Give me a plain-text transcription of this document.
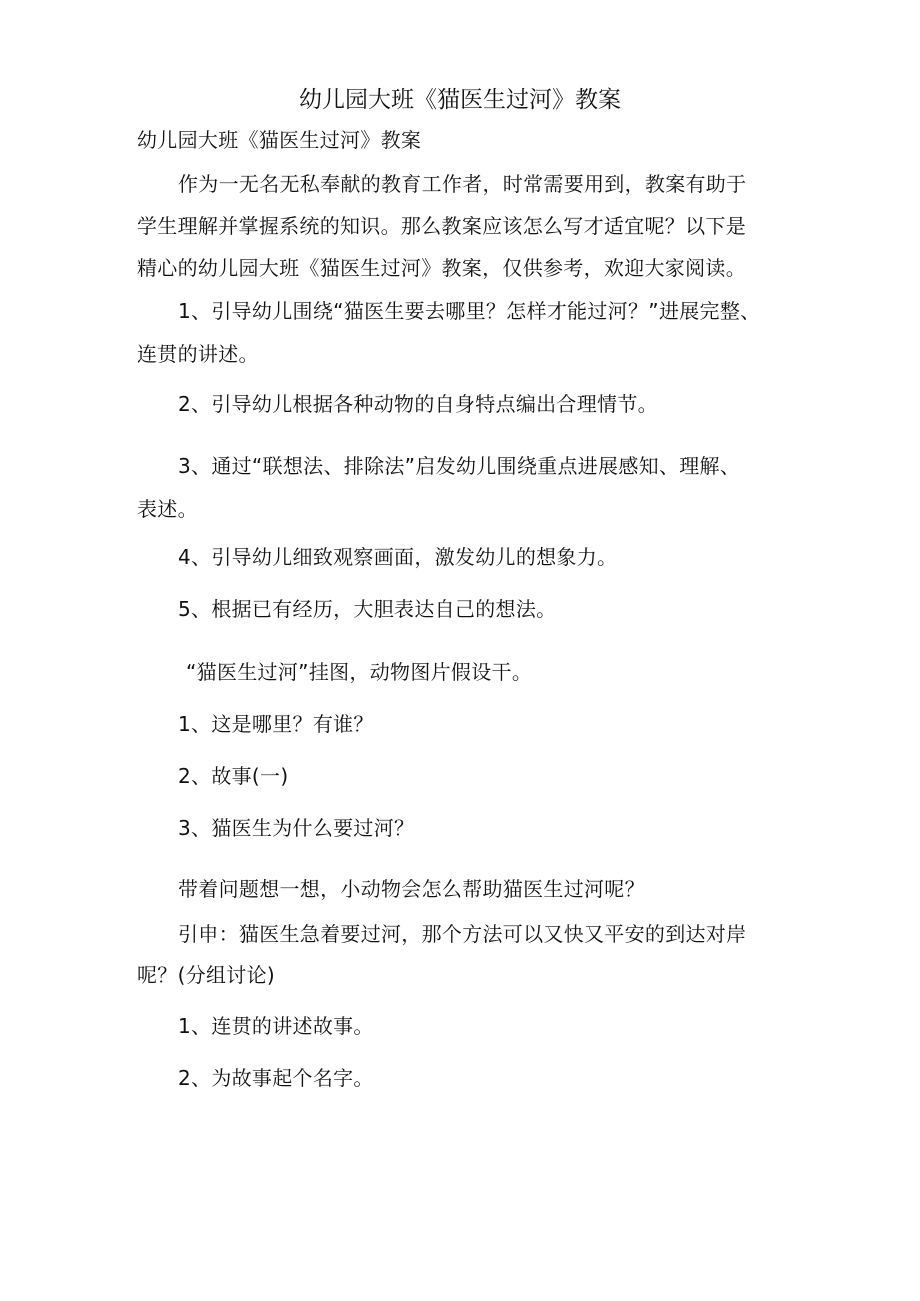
幼儿园大班《猫医生过河》教案
幼儿园大班《猫医生过河》教案
作为一无名无私奉献的教育工作者，时常需要用到，教案有助于
学生理解并掌握系统的知识。那么教案应该怎么写才适宜呢？以下是
精心的幼儿园大班《猫医生过河》教案，仅供参考，欢迎大家阅读。
1、引导幼儿围绕“猫医生要去哪里？怎样才能过河？”进展完整、
连贯的讲述。
2、引导幼儿根据各种动物的自身特点编出合理情节。
3、通过“联想法、排除法”启发幼儿围绕重点进展感知、理解、
表述。
4、引导幼儿细致观察画面，激发幼儿的想象力。
5、根据已有经历，大胆表达自己的想法。
“猫医生过河”挂图，动物图片假设干。
1、这是哪里？有谁？
2、故事(一)
3、猫医生为什么要过河？
带着问题想一想，小动物会怎么帮助猫医生过河呢？
引申：猫医生急着要过河，那个方法可以又快又平安的到达对岸
呢？(分组讨论)
1、连贯的讲述故事。
2、为故事起个名字。
